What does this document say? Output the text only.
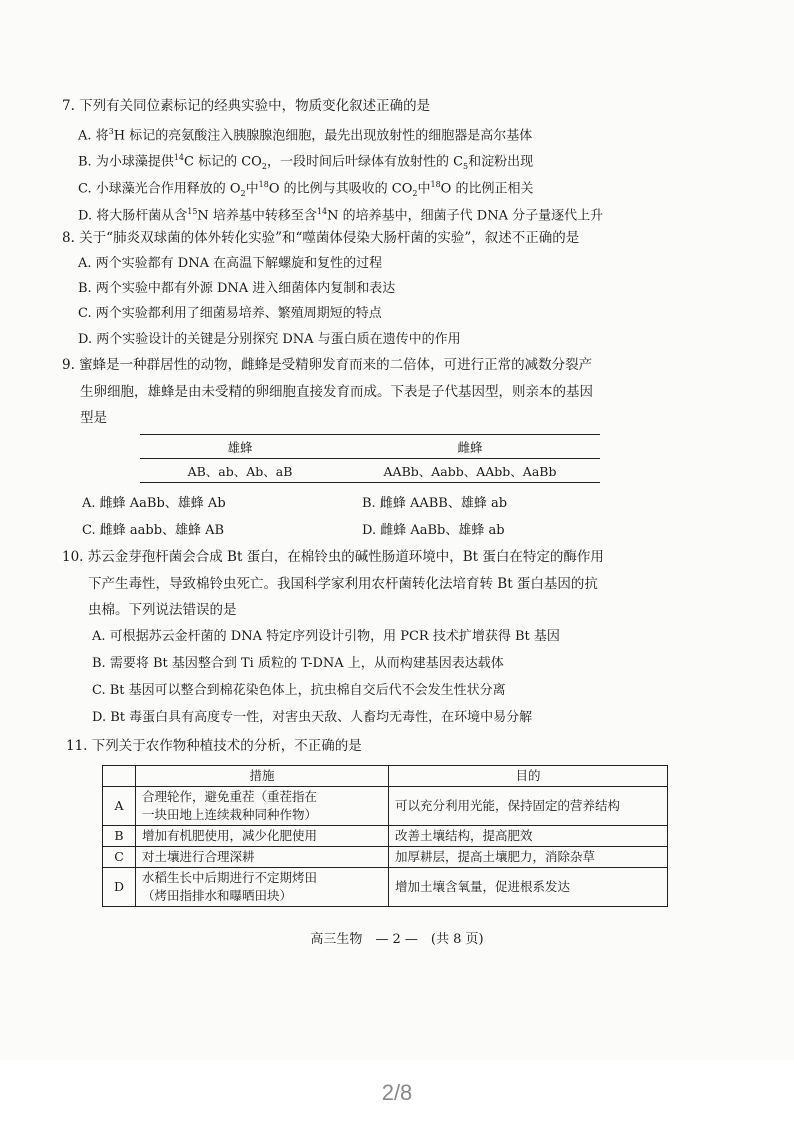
7. 下列有关同位素标记的经典实验中，物质变化叙述正确的是
A. 将$^3$H 标记的亮氨酸注入胰腺腺泡细胞，最先出现放射性的细胞器是高尔基体
B. 为小球藻提供$^{14}$C 标记的 $CO_2$，一段时间后叶绿体有放射性的 $C_5$和淀粉出现
C. 小球藻光合作用释放的 $O_2$中$^{18}$O 的比例与其吸收的 $CO_2$中$^{18}$O 的比例正相关
D. 将大肠杆菌从含$^{15}$N 培养基中转移至含$^{14}$N 的培养基中，细菌子代 DNA 分子量逐代上升
8. 关于“肺炎双球菌的体外转化实验”和“噬菌体侵染大肠杆菌的实验”，叙述不正确的是
A. 两个实验都有 DNA 在高温下解螺旋和复性的过程
B. 两个实验中都有外源 DNA 进入细菌体内复制和表达
C. 两个实验都利用了细菌易培养、繁殖周期短的特点
D. 两个实验设计的关键是分别探究 DNA 与蛋白质在遗传中的作用
9. 蜜蜂是一种群居性的动物，雌蜂是受精卵发育而来的二倍体，可进行正常的减数分裂产
生卵细胞，雄蜂是由未受精的卵细胞直接发育而成。下表是子代基因型，则亲本的基因
型是
雄蜂	雌蜂
AB、ab、Ab、aB	AABb、Aabb、AAbb、AaBb
A. 雌蜂 AaBb、雄蜂 Ab	B. 雌蜂 AABB、雄蜂 ab
C. 雌蜂 aabb、雄蜂 AB	D. 雌蜂 AaBb、雄蜂 ab
10. 苏云金芽孢杆菌会合成 Bt 蛋白，在棉铃虫的碱性肠道环境中，Bt 蛋白在特定的酶作用
下产生毒性，导致棉铃虫死亡。我国科学家利用农杆菌转化法培育转 Bt 蛋白基因的抗
虫棉。下列说法错误的是
A. 可根据苏云金杆菌的 DNA 特定序列设计引物，用 PCR 技术扩增获得 Bt 基因
B. 需要将 Bt 基因整合到 Ti 质粒的 T-DNA 上，从而构建基因表达载体
C. Bt 基因可以整合到棉花染色体上，抗虫棉自交后代不会发生性状分离
D. Bt 毒蛋白具有高度专一性，对害虫天敌、人畜均无毒性，在环境中易分解
11. 下列关于农作物种植技术的分析，不正确的是
	措施	目的
A	合理轮作，避免重茬（重茬指在
一块田地上连续栽种同种作物）	可以充分利用光能，保持固定的营养结构
B	增加有机肥使用，减少化肥使用	改善土壤结构，提高肥效
C	对土壤进行合理深耕	加厚耕层，提高土壤肥力，消除杂草
D	水稻生长中后期进行不定期烤田
（烤田指排水和曝晒田块）	增加土壤含氧量，促进根系发达
高三生物　— 2 —　(共 8 页)
2/8
